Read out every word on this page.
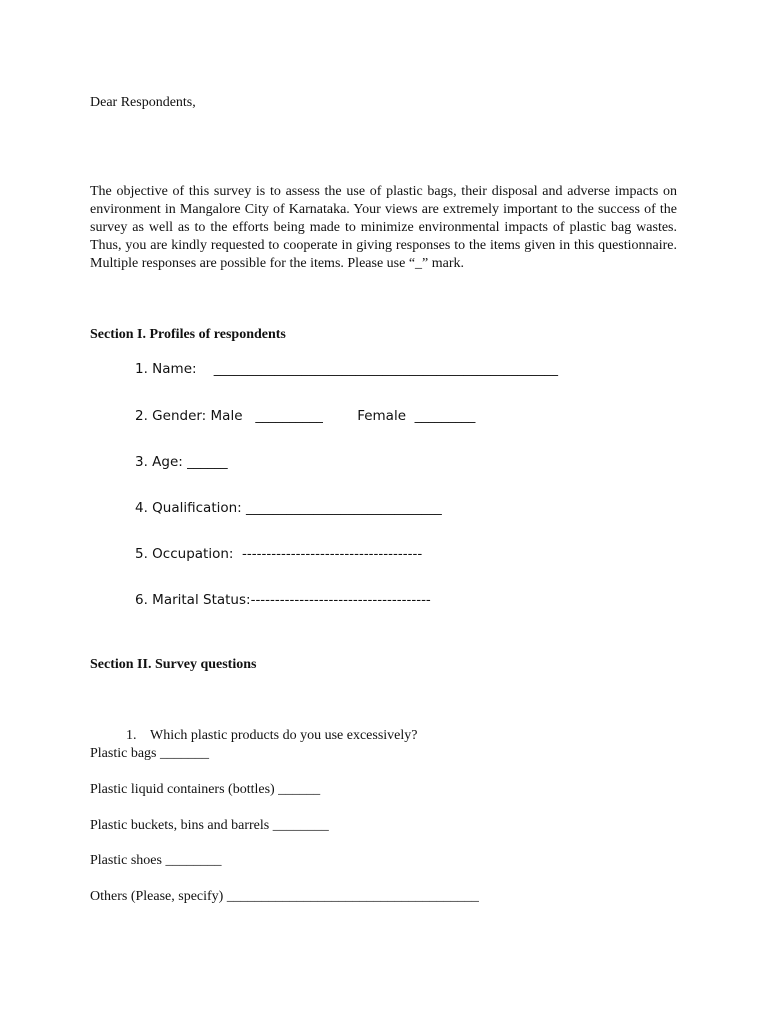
Dear Respondents,
The objective of this survey is to assess the use of plastic bags, their disposal and adverse impacts on environment in Mangalore City of Karnataka. Your views are extremely important to the success of the survey as well as to the efforts being made to minimize environmental impacts of plastic bag wastes. Thus, you are kindly requested to cooperate in giving responses to the items given in this questionnaire. Multiple responses are possible for the items. Please use “_” mark.
Section I. Profiles of respondents
1. Name:    ___________________________________________________
2. Gender: Male   __________        Female  _________
3. Age: ______
4. Qualification: _____________________________
5. Occupation:  -------------------------------------
6. Marital Status:-------------------------------------
Section II. Survey questions

1. Which plastic products do you use excessively?

Plastic bags _______
Plastic liquid containers (bottles) ______
Plastic buckets, bins and barrels ________
Plastic shoes ________
Others (Please, specify) ____________________________________
